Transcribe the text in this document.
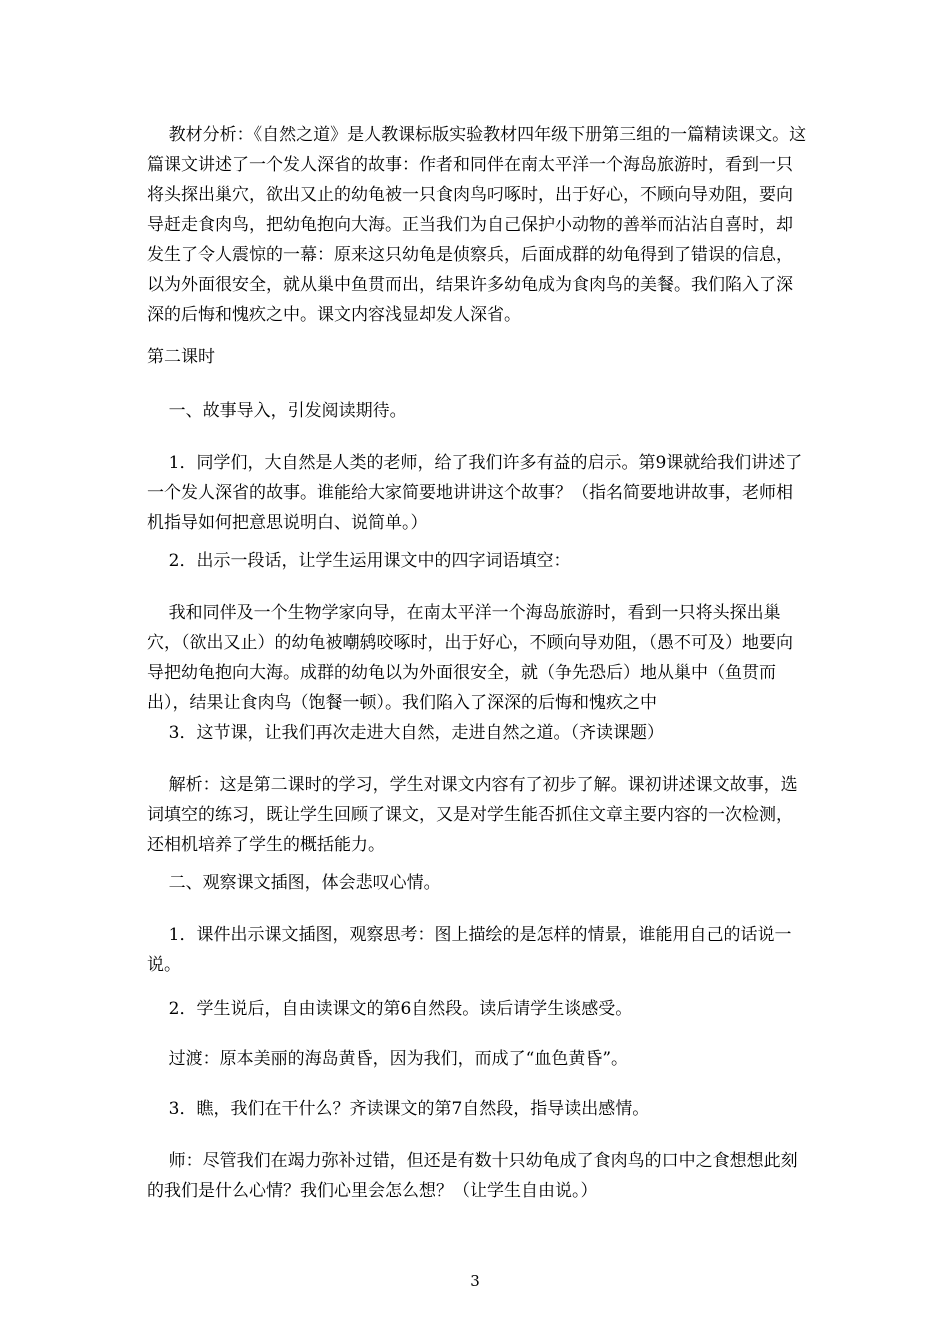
教材分析：《自然之道》是人教课标版实验教材四年级下册第三组的一篇精读课文。这篇课文讲述了一个发人深省的故事：作者和同伴在南太平洋一个海岛旅游时，看到一只将头探出巢穴，欲出又止的幼龟被一只食肉鸟叼啄时，出于好心，不顾向导劝阻，要向导赶走食肉鸟，把幼龟抱向大海。正当我们为自己保护小动物的善举而沾沾自喜时，却发生了令人震惊的一幕：原来这只幼龟是侦察兵，后面成群的幼龟得到了错误的信息，以为外面很安全，就从巢中鱼贯而出，结果许多幼龟成为食肉鸟的美餐。我们陷入了深深的后悔和愧疚之中。课文内容浅显却发人深省。
第二课时
一、故事导入，引发阅读期待。
1．同学们，大自然是人类的老师，给了我们许多有益的启示。第9课就给我们讲述了一个发人深省的故事。谁能给大家简要地讲讲这个故事？（指名简要地讲故事，老师相机指导如何把意思说明白、说简单。）
2．出示一段话，让学生运用课文中的四字词语填空：
我和同伴及一个生物学家向导，在南太平洋一个海岛旅游时，看到一只将头探出巢穴，（欲出又止）的幼龟被嘲鸫咬啄时，出于好心，不顾向导劝阻，（愚不可及）地要向导把幼龟抱向大海。成群的幼龟以为外面很安全，就（争先恐后）地从巢中（鱼贯而出），结果让食肉鸟（饱餐一顿）。我们陷入了深深的后悔和愧疚之中
3．这节课，让我们再次走进大自然，走进自然之道。（齐读课题）
解析：这是第二课时的学习，学生对课文内容有了初步了解。课初讲述课文故事，选词填空的练习，既让学生回顾了课文，又是对学生能否抓住文章主要内容的一次检测，还相机培养了学生的概括能力。
二、观察课文插图，体会悲叹心情。
1．课件出示课文插图，观察思考：图上描绘的是怎样的情景，谁能用自己的话说一说。
2．学生说后，自由读课文的第6自然段。读后请学生谈感受。
过渡：原本美丽的海岛黄昏，因为我们，而成了“血色黄昏”。
3．瞧，我们在干什么？齐读课文的第7自然段，指导读出感情。
师：尽管我们在竭力弥补过错，但还是有数十只幼龟成了食肉鸟的口中之食想想此刻的我们是什么心情？我们心里会怎么想？（让学生自由说。）
3
